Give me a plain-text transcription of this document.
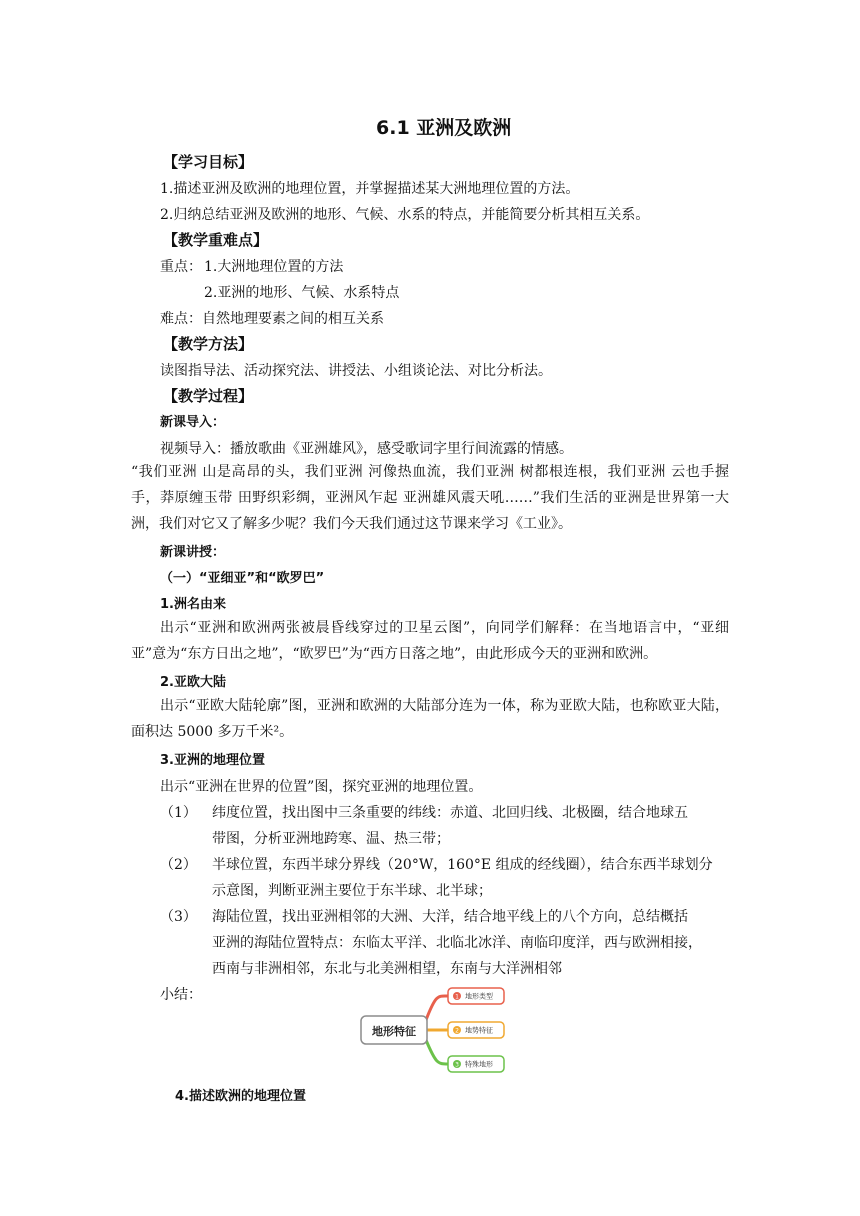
6.1 亚洲及欧洲
【学习目标】
1.描述亚洲及欧洲的地理位置，并掌握描述某大洲地理位置的方法。
2.归纳总结亚洲及欧洲的地形、气候、水系的特点，并能简要分析其相互关系。
【教学重难点】
重点： 1.大洲地理位置的方法
2.亚洲的地形、气候、水系特点
难点：自然地理要素之间的相互关系
【教学方法】
读图指导法、活动探究法、讲授法、小组谈论法、对比分析法。
【教学过程】
新课导入：
视频导入：播放歌曲《亚洲雄风》，感受歌词字里行间流露的情感。
“我们亚洲 山是高昂的头，我们亚洲 河像热血流，我们亚洲 树都根连根，我们亚洲 云也手握手，莽原缠玉带 田野织彩绸，亚洲风乍起 亚洲雄风震天吼……”我们生活的亚洲是世界第一大洲，我们对它又了解多少呢？我们今天我们通过这节课来学习《工业》。
新课讲授：
（一）“亚细亚”和“欧罗巴”
1.洲名由来
出示“亚洲和欧洲两张被晨昏线穿过的卫星云图”，向同学们解释：在当地语言中，“亚细亚”意为“东方日出之地”，“欧罗巴”为“西方日落之地”，由此形成今天的亚洲和欧洲。
2.亚欧大陆
出示“亚欧大陆轮廓”图，亚洲和欧洲的大陆部分连为一体，称为亚欧大陆，也称欧亚大陆，面积达 5000 多万千米²。
3.亚洲的地理位置
出示“亚洲在世界的位置”图，探究亚洲的地理位置。
（1） 纬度位置，找出图中三条重要的纬线：赤道、北回归线、北极圈，结合地球五
带图，分析亚洲地跨寒、温、热三带；
（2） 半球位置，东西半球分界线（20°W，160°E 组成的经线圈），结合东西半球划分
示意图，判断亚洲主要位于东半球、北半球；
（3） 海陆位置，找出亚洲相邻的大洲、大洋，结合地平线上的八个方向，总结概括
亚洲的海陆位置特点：东临太平洋、北临北冰洋、南临印度洋，西与欧洲相接，
西南与非洲相邻，东北与北美洲相望，东南与大洋洲相邻
小结：
地形特征
1 地形类型
2 地势特征
3 特殊地形
4.描述欧洲的地理位置
